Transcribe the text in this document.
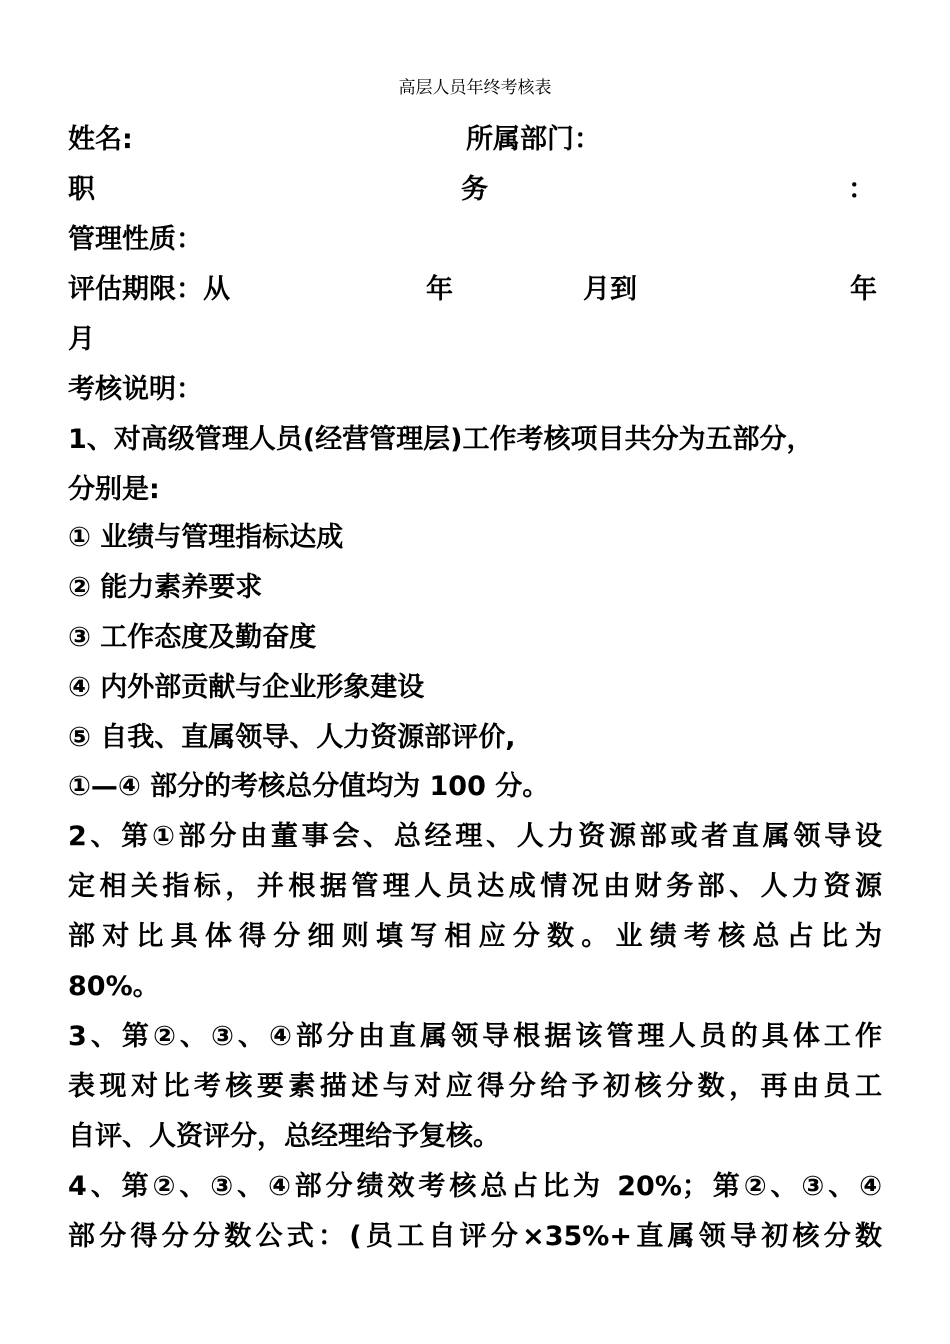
高层人员年终考核表
姓名:	所属部门：
职	务	：
管理性质：
评估期限：从	年	月到	年
月
考核说明：
1、对高级管理人员(经营管理层)工作考核项目共分为五部分，
分别是:
① 业绩与管理指标达成
② 能力素养要求
③ 工作态度及勤奋度
④ 内外部贡献与企业形象建设
⑤ 自我、直属领导、人力资源部评价,
①—④ 部分的考核总分值均为 100 分。
2、第①部分由董事会、总经理、人力资源部或者直属领导设
定相关指标，并根据管理人员达成情况由财务部、人力资源
部对比具体得分细则填写相应分数。业绩考核总占比为
80%。
3、第②、③、④部分由直属领导根据该管理人员的具体工作
表现对比考核要素描述与对应得分给予初核分数，再由员工
自评、人资评分，总经理给予复核。
4、第②、③、④部分绩效考核总占比为 20%；第②、③、④
部分得分分数公式：(员工自评分×35%+直属领导初核分数
